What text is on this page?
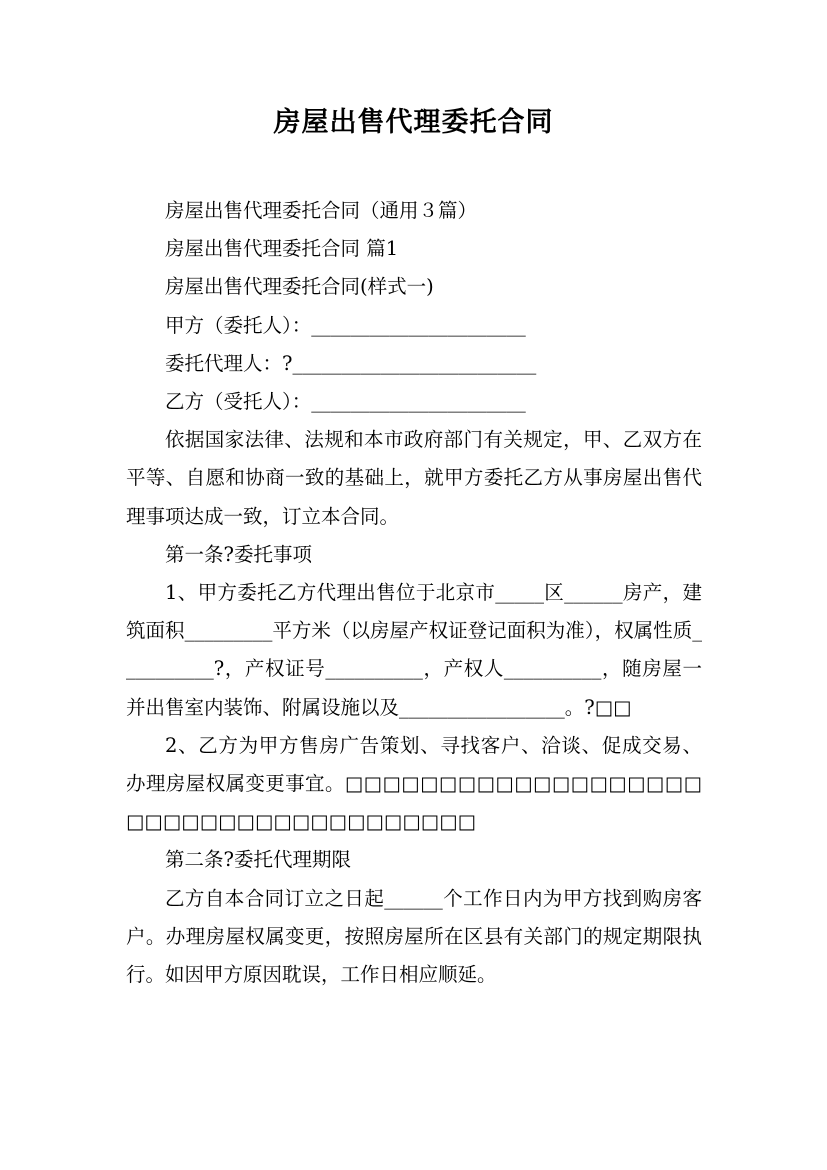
房屋出售代理委托合同

房屋出售代理委托合同（通用３篇）

房屋出售代理委托合同 篇1

房屋出售代理委托合同(样式一)

甲方（委托人）：______________________

委托代理人：?_________________________

乙方（受托人）：______________________

依据国家法律、法规和本市政府部门有关规定，甲、乙双方在平等、自愿和协商一致的基础上，就甲方委托乙方从事房屋出售代理事项达成一致，订立本合同。

第一条?委托事项

1、甲方委托乙方代理出售位于北京市_____区______房产，建筑面积_________平方米（以房屋产权证登记面积为准），权属性质__________?，产权证号__________，产权人__________，随房屋一并出售室内装饰、附属设施以及_________________。?□□

2、乙方为甲方售房广告策划、寻找客户、洽谈、促成交易、办理房屋权属变更事宜。□□□□□□□□□□□□□□□□□□□□□□□□□□□□□□□□□□□□□□

第二条?委托代理期限

乙方自本合同订立之日起______个工作日内为甲方找到购房客户。办理房屋权属变更，按照房屋所在区县有关部门的规定期限执行。如因甲方原因耽误，工作日相应顺延。
